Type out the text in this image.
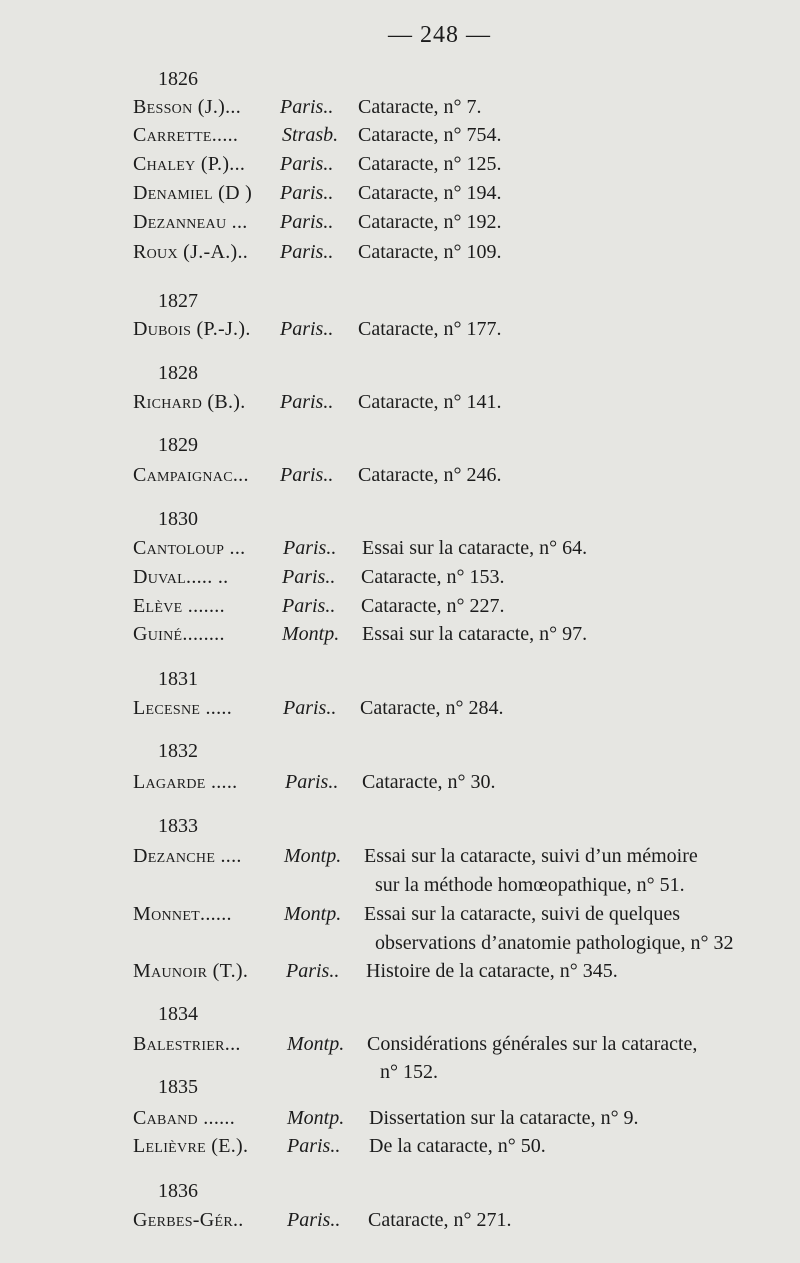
— 248 —
1826
Besson (J.)... Paris.. Cataracte, n° 7.
Carrette..... Strasb. Cataracte, n° 754.
Chaley (P.)... Paris.. Cataracte, n° 125.
Denamiel (D ) Paris.. Cataracte, n° 194.
Dezanneau ... Paris.. Cataracte, n° 192.
Roux (J.-A.).. Paris.. Cataracte, n° 109.
1827
Dubois (P.-J.). Paris.. Cataracte, n° 177.
1828
Richard (B.). Paris.. Cataracte, n° 141.
1829
Campaignac... Paris.. Cataracte, n° 246.
1830
Cantoloup ... Paris.. Essai sur la cataracte, n° 64.
Duval..... ..	Paris.. Cataracte, n° 153.
Elève .......	Paris.. Cataracte, n° 227.
Guiné........	Montp. Essai sur la cataracte, n° 97.
1831
Lecesne .....	Paris.. Cataracte, n° 284.
1832
Lagarde ..... Paris.. Cataracte, n° 30.
1833
Dezanche .... Montp. Essai sur la cataracte, suivi d’un mémoire
sur la méthode homœopathique, n° 51.
Monnet......	Montp. Essai sur la cataracte, suivi de quelques
observations d’anatomie pathologique, n° 32
Maunoir (T.). Paris.. Histoire de la cataracte, n° 345.
1834
Balestrier... Montp. Considérations générales sur la cataracte,
n° 152.
1835
Caband ......	Montp. Dissertation sur la cataracte, n° 9.
Lelièvre (E.). Paris.. De la cataracte, n° 50.
1836
Gerbes-Gér.. Paris.. Cataracte, n° 271.
